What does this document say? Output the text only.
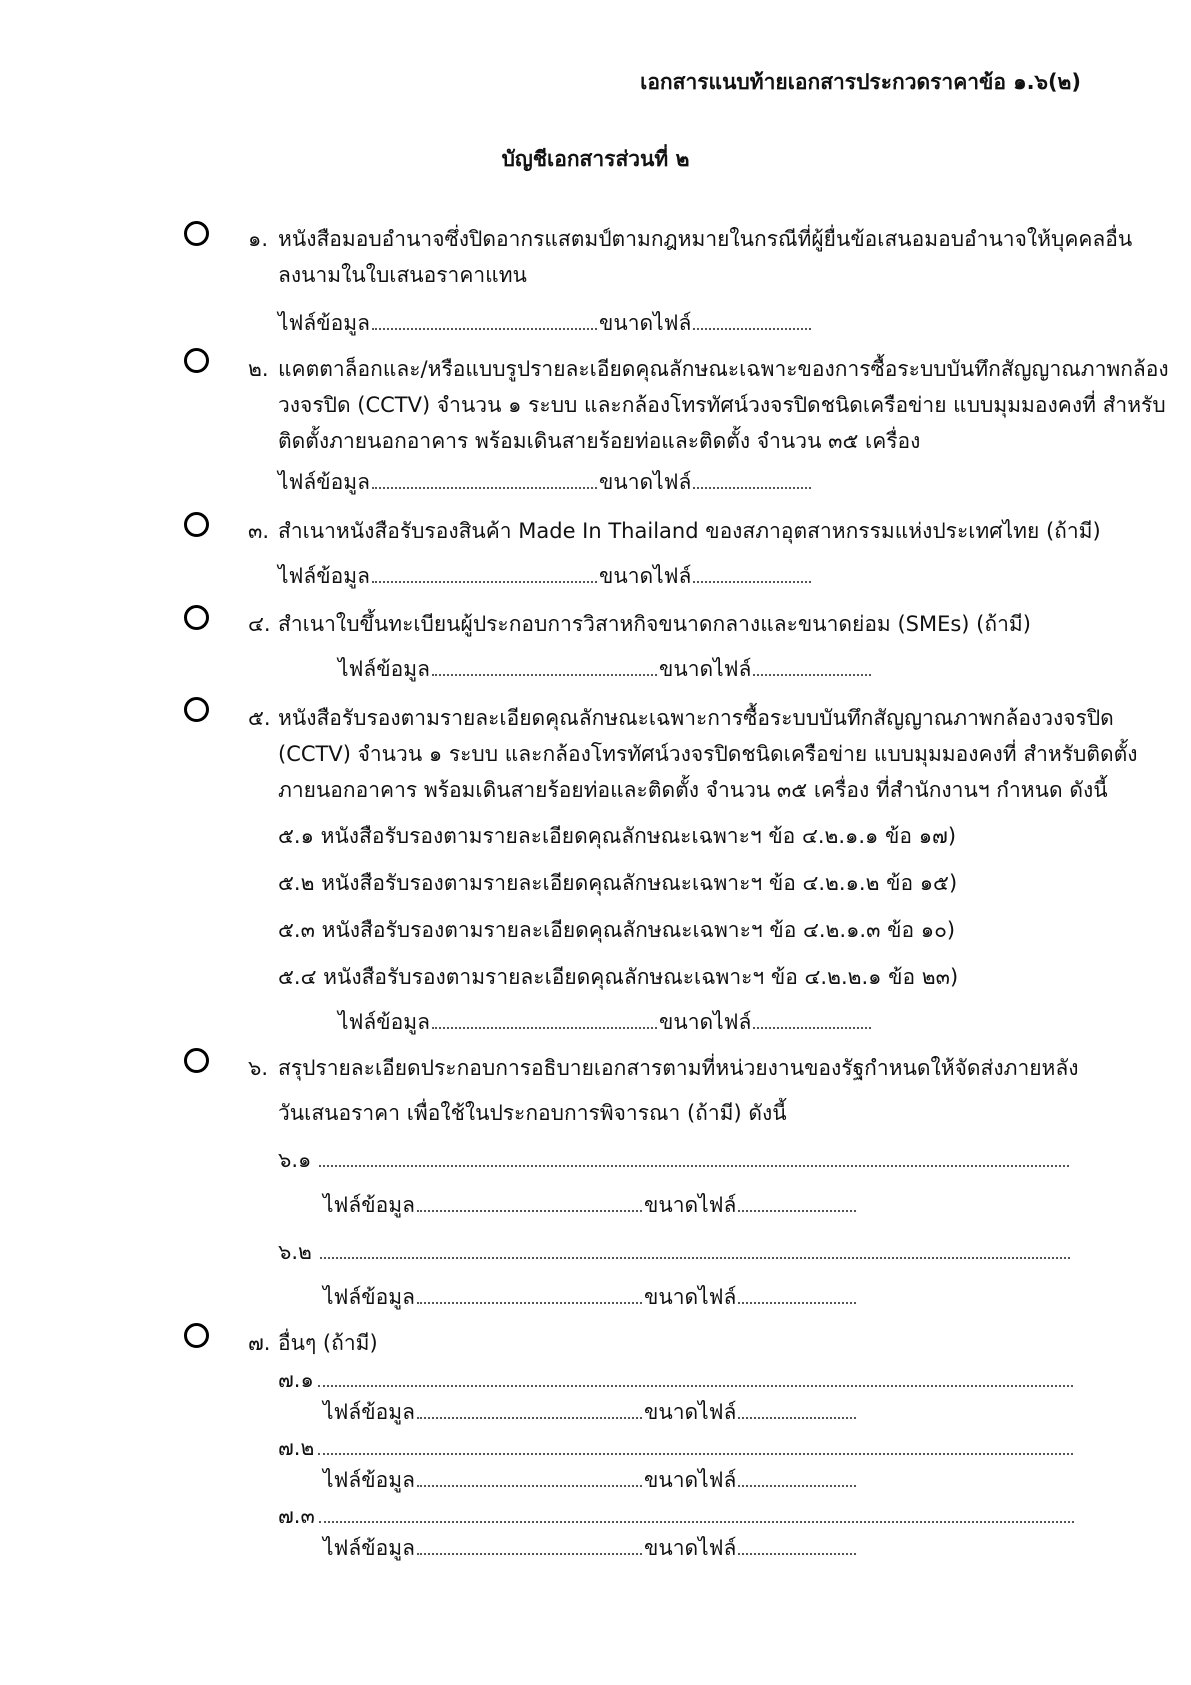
เอกสารแนบท้ายเอกสารประกวดราคาข้อ ๑.๖(๒)
บัญชีเอกสารส่วนที่ ๒
๑. หนังสือมอบอำนาจซึ่งปิดอากรแสตมป์ตามกฎหมายในกรณีที่ผู้ยื่นข้อเสนอมอบอำนาจให้บุคคลอื่น
ลงนามในใบเสนอราคาแทน
ไฟล์ข้อมูล	ขนาดไฟล์
๒. แคตตาล็อกและ/หรือแบบรูปรายละเอียดคุณลักษณะเฉพาะของการซื้อระบบบันทึกสัญญาณภาพกล้อง
วงจรปิด (CCTV) จำนวน ๑ ระบบ และกล้องโทรทัศน์วงจรปิดชนิดเครือข่าย แบบมุมมองคงที่ สำหรับ
ติดตั้งภายนอกอาคาร พร้อมเดินสายร้อยท่อและติดตั้ง จำนวน ๓๕ เครื่อง
ไฟล์ข้อมูล	ขนาดไฟล์
๓. สำเนาหนังสือรับรองสินค้า Made In Thailand ของสภาอุตสาหกรรมแห่งประเทศไทย (ถ้ามี)
ไฟล์ข้อมูล	ขนาดไฟล์
๔. สำเนาใบขึ้นทะเบียนผู้ประกอบการวิสาหกิจขนาดกลางและขนาดย่อม (SMEs) (ถ้ามี)
ไฟล์ข้อมูล	ขนาดไฟล์
๕. หนังสือรับรองตามรายละเอียดคุณลักษณะเฉพาะการซื้อระบบบันทึกสัญญาณภาพกล้องวงจรปิด
(CCTV) จำนวน ๑ ระบบ และกล้องโทรทัศน์วงจรปิดชนิดเครือข่าย แบบมุมมองคงที่ สำหรับติดตั้ง
ภายนอกอาคาร พร้อมเดินสายร้อยท่อและติดตั้ง จำนวน ๓๕ เครื่อง ที่สำนักงานฯ กำหนด ดังนี้
๕.๑ หนังสือรับรองตามรายละเอียดคุณลักษณะเฉพาะฯ ข้อ ๔.๒.๑.๑ ข้อ ๑๗)
๕.๒ หนังสือรับรองตามรายละเอียดคุณลักษณะเฉพาะฯ ข้อ ๔.๒.๑.๒ ข้อ ๑๕)
๕.๓ หนังสือรับรองตามรายละเอียดคุณลักษณะเฉพาะฯ ข้อ ๔.๒.๑.๓ ข้อ ๑๐)
๕.๔ หนังสือรับรองตามรายละเอียดคุณลักษณะเฉพาะฯ ข้อ ๔.๒.๒.๑ ข้อ ๒๓)
ไฟล์ข้อมูล	ขนาดไฟล์
๖. สรุปรายละเอียดประกอบการอธิบายเอกสารตามที่หน่วยงานของรัฐกำหนดให้จัดส่งภายหลัง
วันเสนอราคา เพื่อใช้ในประกอบการพิจารณา (ถ้ามี) ดังนี้
๖.๑
ไฟล์ข้อมูล	ขนาดไฟล์
๖.๒
ไฟล์ข้อมูล	ขนาดไฟล์
๗. อื่นๆ (ถ้ามี)
๗.๑
ไฟล์ข้อมูล	ขนาดไฟล์
๗.๒
ไฟล์ข้อมูล	ขนาดไฟล์
๗.๓
ไฟล์ข้อมูล	ขนาดไฟล์
